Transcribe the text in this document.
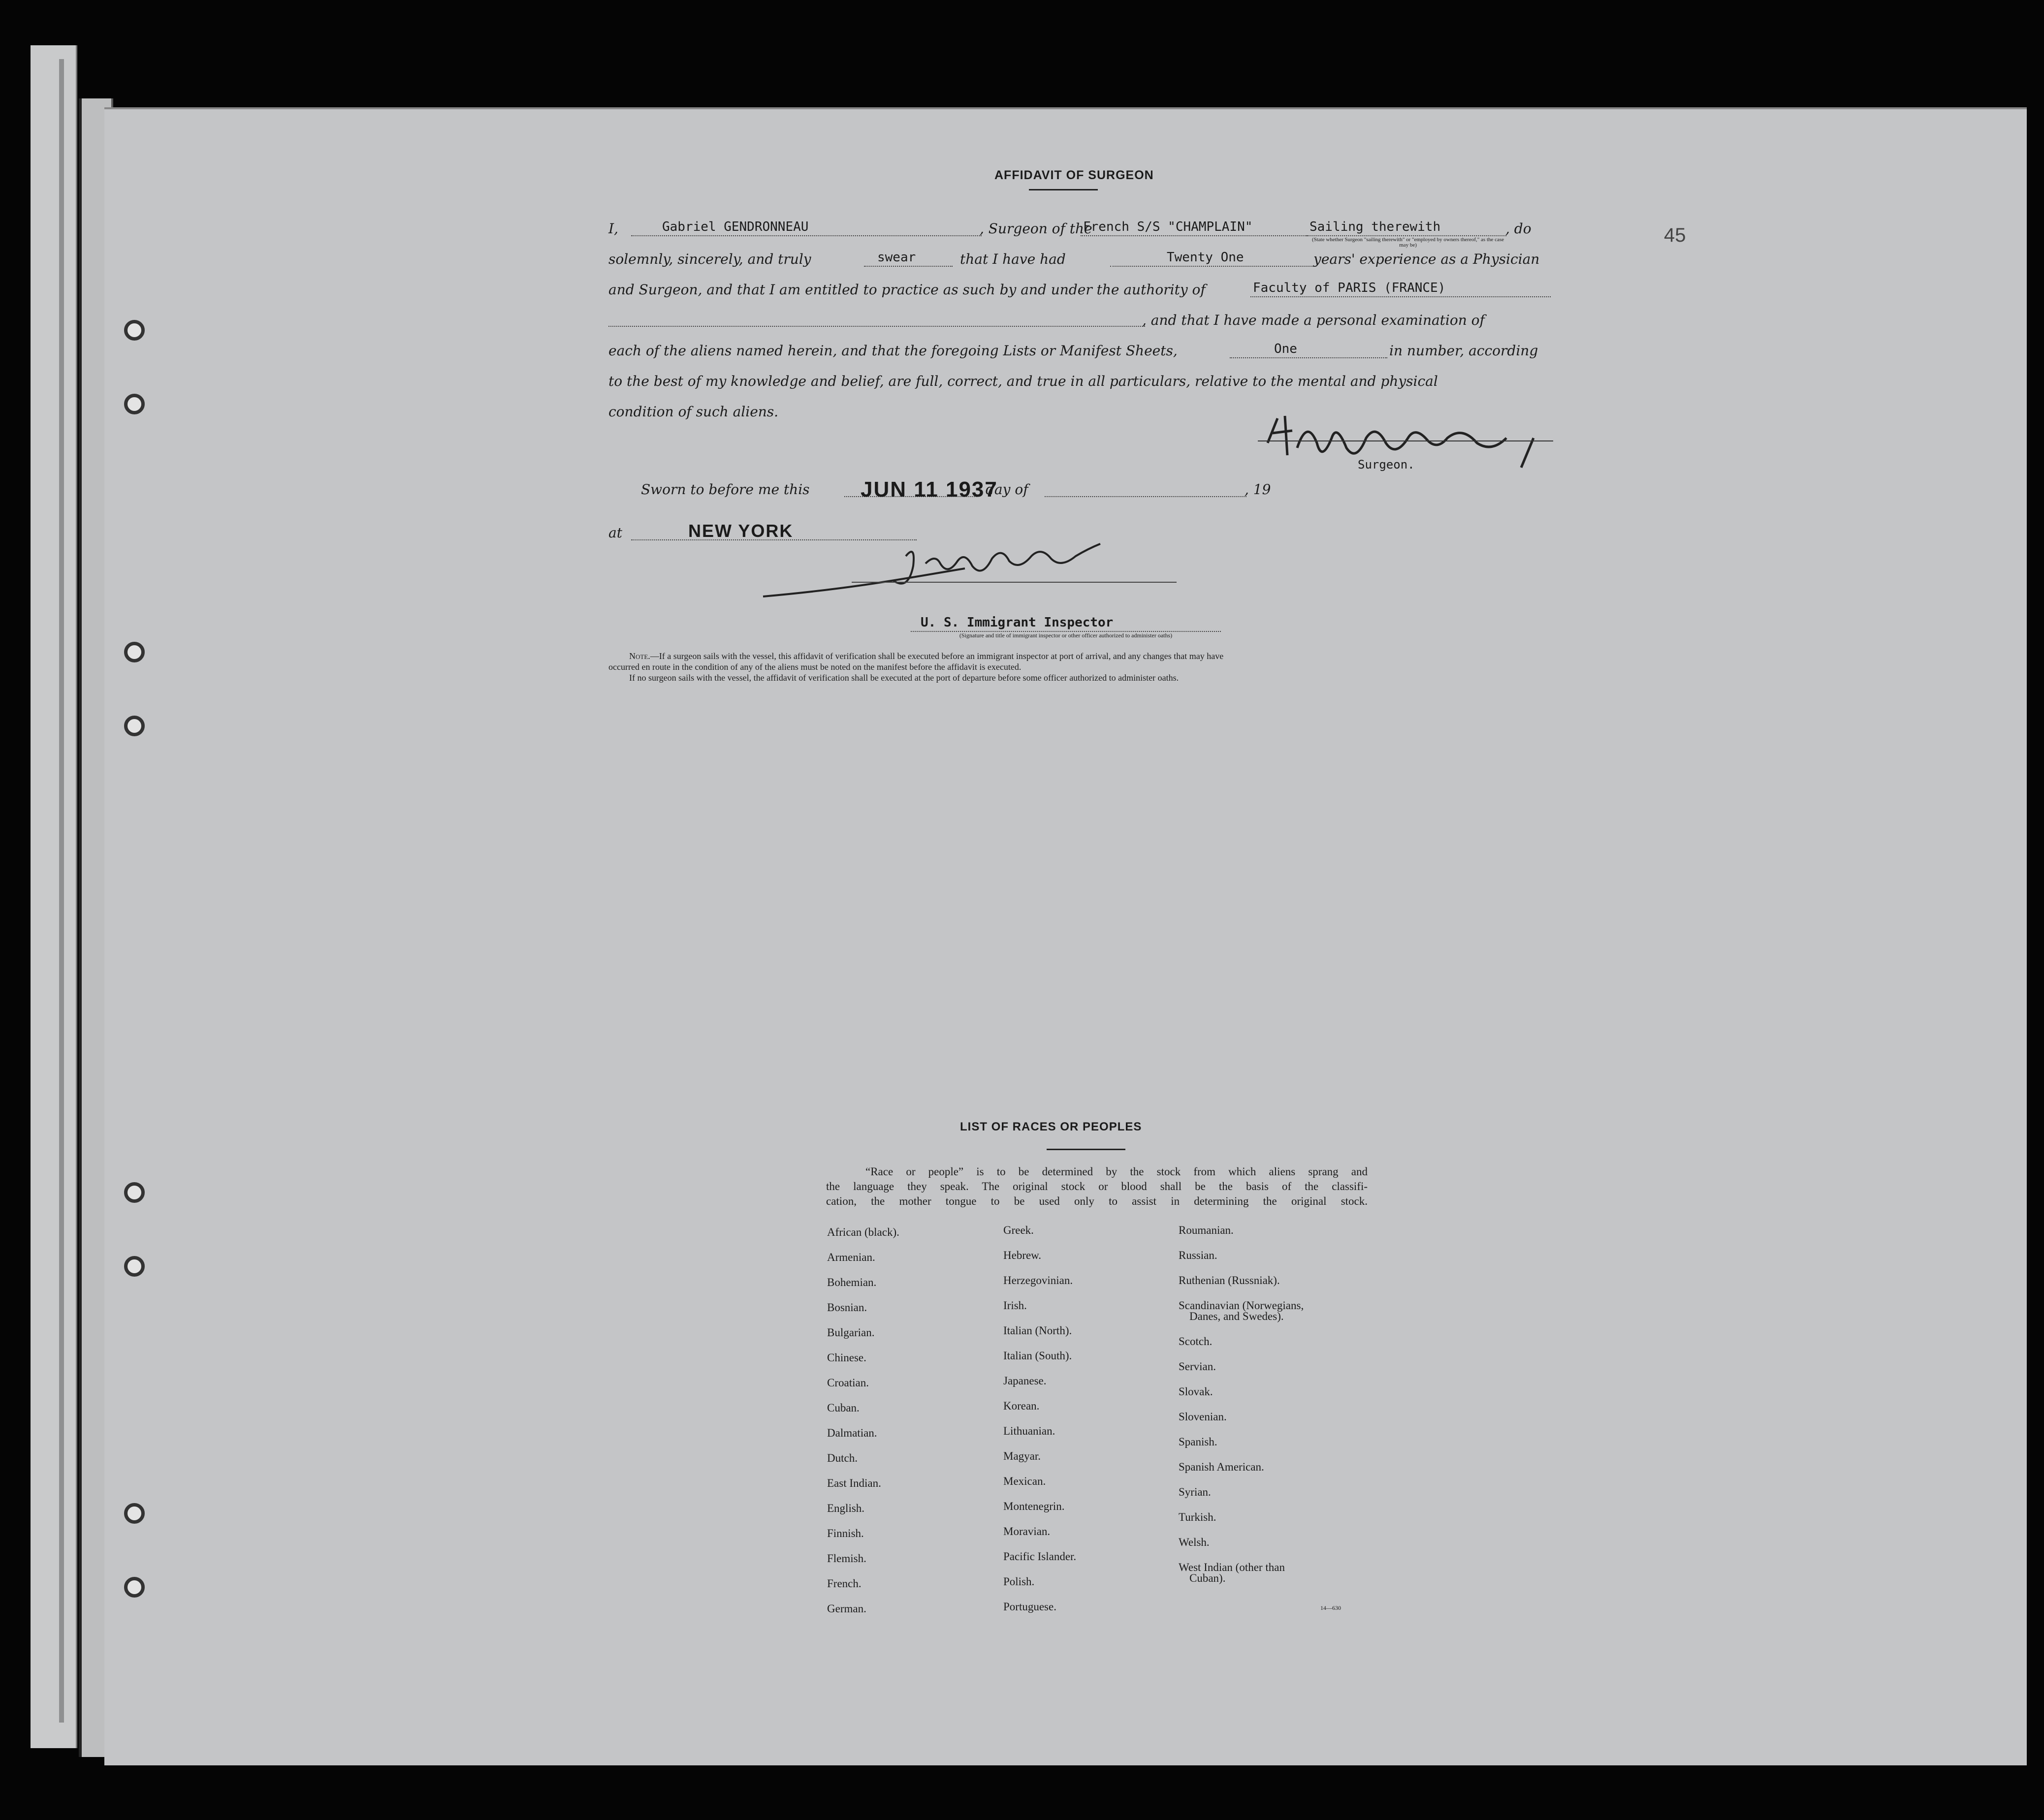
AFFIDAVIT OF SURGEON
45
I,	Gabriel GENDRONNEAU	, Surgeon of the
French S/S "CHAMPLAIN"	Sailing therewith
(State whether Surgeon "sailing therewith" or "employed by owners thereof," as the case may be)
, do
solemnly, sincerely, and truly	swear	that I have had	Twenty One	years' experience as a Physician
and Surgeon, and that I am entitled to practice as such by and under the authority of	Faculty of PARIS (FRANCE)
, and that I have made a personal examination of
each of the aliens named herein, and that the foregoing Lists or Manifest Sheets,	One	in number, according
to the best of my knowledge and belief, are full, correct, and true in all particulars, relative to the mental and physical
condition of such aliens.
Surgeon.
Sworn to before me this JUN 11 1937
day of	, 19
at	NEW YORK
U. S. Immigrant Inspector
(Signature and title of immigrant inspector or other officer authorized to administer oaths)
Note.—If a surgeon sails with the vessel, this affidavit of verification shall be executed before an immigrant inspector at port of arrival, and any changes that may have
occurred en route in the condition of any of the aliens must be noted on the manifest before the affidavit is executed.
If no surgeon sails with the vessel, the affidavit of verification shall be executed at the port of departure before some officer authorized to administer oaths.
LIST OF RACES OR PEOPLES
“Race or people” is to be determined by the stock from which aliens sprang and
the language they speak. The original stock or blood shall be the basis of the classifi-
cation, the mother tongue to be used only to assist in determining the original stock.
African (black).
Armenian.
Bohemian.
Bosnian.
Bulgarian.
Chinese.
Croatian.
Cuban.
Dalmatian.
Dutch.
East Indian.
English.
Finnish.
Flemish.
French.
German.
Greek.
Hebrew.
Herzegovinian.
Irish.
Italian (North).
Italian (South).
Japanese.
Korean.
Lithuanian.
Magyar.
Mexican.
Montenegrin.
Moravian.
Pacific Islander.
Polish.
Portuguese.
Roumanian.
Russian.
Ruthenian (Russniak).
Scandinavian (Norwegians,
Danes, and Swedes).
Scotch.
Servian.
Slovak.
Slovenian.
Spanish.
Spanish American.
Syrian.
Turkish.
Welsh.
West Indian (other than
Cuban).
14—630
